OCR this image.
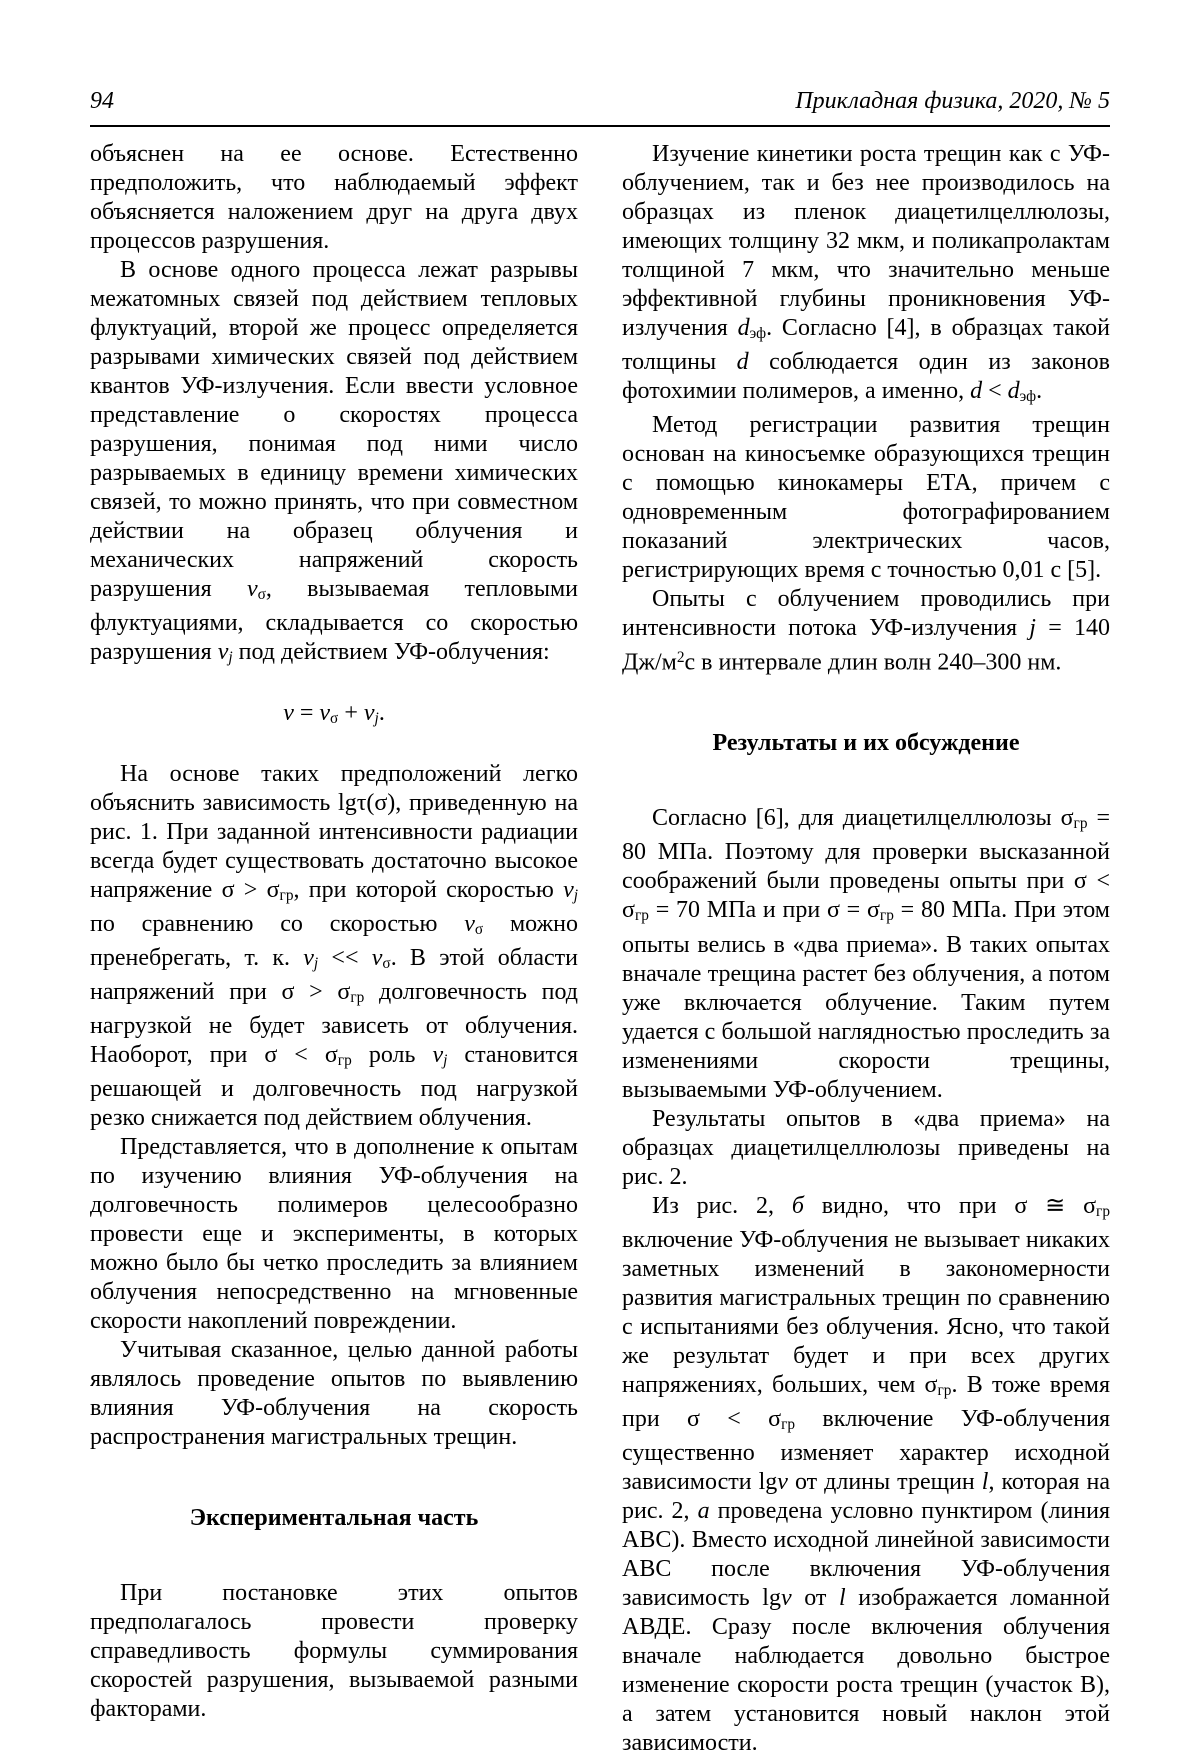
94	Прикладная физика, 2020, № 5

объяснен на ее основе. Естественно предположить, что наблюдаемый эффект объясняется наложением друг на друга двух процессов разрушения.

В основе одного процесса лежат разрывы межатомных связей под действием тепловых флуктуаций, второй же процесс определяется разрывами химических связей под действием квантов УФ-излучения. Если ввести условное представление о скоростях процесса разрушения, понимая под ними число разрываемых в единицу времени химических связей, то можно принять, что при совместном действии на образец облучения и механических напряжений скорость разрушения $v_\sigma$, вызываемая тепловыми флуктуациями, складывается со скоростью разрушения vj под действием УФ-облучения:

$v = v_\sigma$ + vj.

На основе таких предположений легко объяснить зависимость lgτ(σ), приведенную на рис. 1. При заданной интенсивности радиации всегда будет существовать достаточно высокое напряжение $\sigma > \sigma_{гр}$, при которой скоростью vj по сравнению со скоростью $v_\sigma$ можно пренебрегать, т. к. vj << $v_\sigma$. В этой области напряжений при $\sigma > \sigma_{гр}$ долговечность под нагрузкой не будет зависеть от облучения. Наоборот, при $\sigma < \sigma_{гр}$ роль vj становится решающей и долговечность под нагрузкой резко снижается под действием облучения.

Представляется, что в дополнение к опытам по изучению влияния УФ-облучения на долговечность полимеров целесообразно провести еще и эксперименты, в которых можно было бы четко проследить за влиянием облучения непосредственно на мгновенные скорости накоплений повреждении.

Учитывая сказанное, целью данной работы являлось проведение опытов по выявлению влияния УФ-облучения на скорость распространения магистральных трещин.

Экспериментальная часть

При постановке этих опытов предполагалось провести проверку справедливость формулы суммирования скоростей разрушения, вызываемой разными факторами.

Изучение кинетики роста трещин как с УФ-облучением, так и без нее производилось на образцах из пленок диацетилцеллюлозы, имеющих толщину 32 мкм, и поликапролактам толщиной 7 мкм, что значительно меньше эффективной глубины проникновения УФ-излучения $d_{эф}$. Согласно [4], в образцах такой толщины d соблюдается один из законов фотохимии полимеров, а именно, $d < d_{эф}$.

Метод регистрации развития трещин основан на киносъемке образующихся трещин с помощью кинокамеры ЕТА, причем с одновременным фотографированием показаний электрических часов, регистрирующих время с точностью 0,01 с [5].

Опыты с облучением проводились при интенсивности потока УФ-излучения j = 140 $Дж/м^2с$ в интервале длин волн 240–300 нм.

Результаты и их обсуждение

Согласно [6], для диацетилцеллюлозы $\sigma_{гр} = 80$ МПа. Поэтому для проверки высказанной соображений были проведены опыты при $\sigma < \sigma_{гр} = 70$ МПа и при $\sigma = \sigma_{гр} = 80$ МПа. При этом опыты велись в «два приема». В таких опытах вначале трещина растет без облучения, а потом уже включается облучение. Таким путем удается с большой наглядностью проследить за изменениями скорости трещины, вызываемыми УФ-облучением.

Результаты опытов в «два приема» на образцах диацетилцеллюлозы приведены на рис. 2.

Из рис. 2, б видно, что при σ ≅ $\sigma_{гр}$ включение УФ-облучения не вызывает никаких заметных изменений в закономерности развития магистральных трещин по сравнению с испытаниями без облучения. Ясно, что такой же результат будет и при всех других напряжениях, больших, чем $\sigma_{гр}$. В тоже время при $\sigma < \sigma_{гр}$ включение УФ-облучения существенно изменяет характер исходной зависимости lgv от длины трещин l, которая на рис. 2, а проведена условно пунктиром (линия АВС). Вместо исходной линейной зависимости АВС после включения УФ-облучения зависимость lgv от l изображается ломанной АВДЕ. Сразу после включения облучения вначале наблюдается довольно быстрое изменение скорости роста трещин (участок В), а затем установится новый наклон этой зависимости.
